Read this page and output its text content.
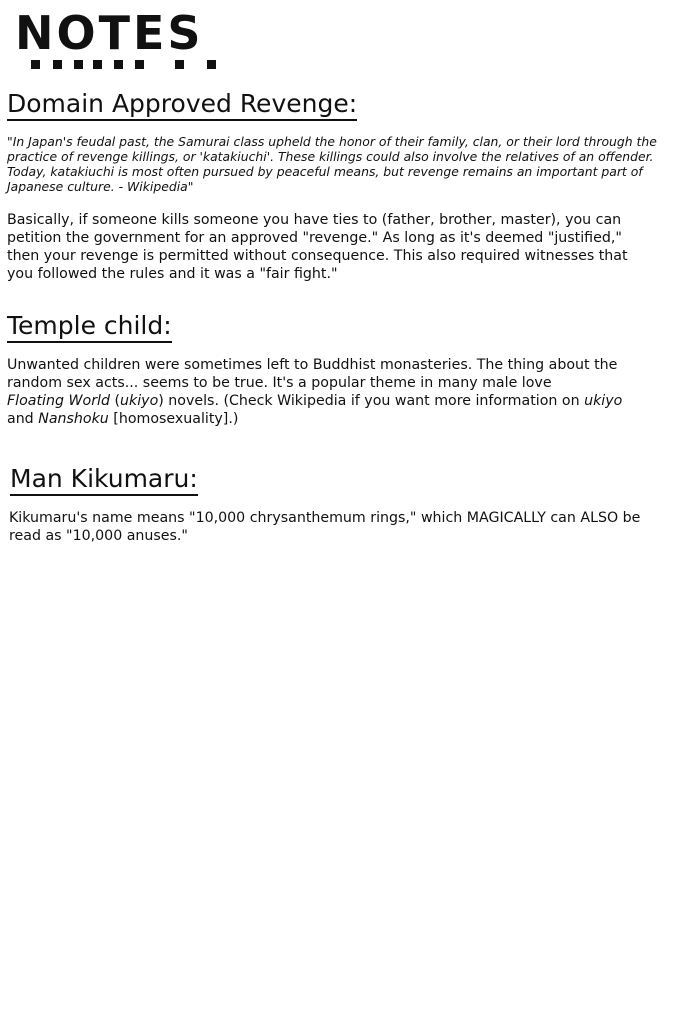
NOTES
Domain Approved Revenge:
"In Japan's feudal past, the Samurai class upheld the honor of their family, clan, or their lord through the
practice of revenge killings, or 'katakiuchi'. These killings could also involve the relatives of an offender.
Today, katakiuchi is most often pursued by peaceful means, but revenge remains an important part of
Japanese culture. - Wikipedia"
Basically, if someone kills someone you have ties to (father, brother, master), you can
petition the government for an approved "revenge." As long as it's deemed "justified,"
then your revenge is permitted without consequence. This also required witnesses that
you followed the rules and it was a "fair fight."
Temple child:
Unwanted children were sometimes left to Buddhist monasteries. The thing about the
random sex acts... seems to be true. It's a popular theme in many male love
Floating World (ukiyo) novels. (Check Wikipedia if you want more information on ukiyo
and Nanshoku [homosexuality].)
Man Kikumaru:
Kikumaru's name means "10,000 chrysanthemum rings," which MAGICALLY can ALSO be
read as "10,000 anuses."
